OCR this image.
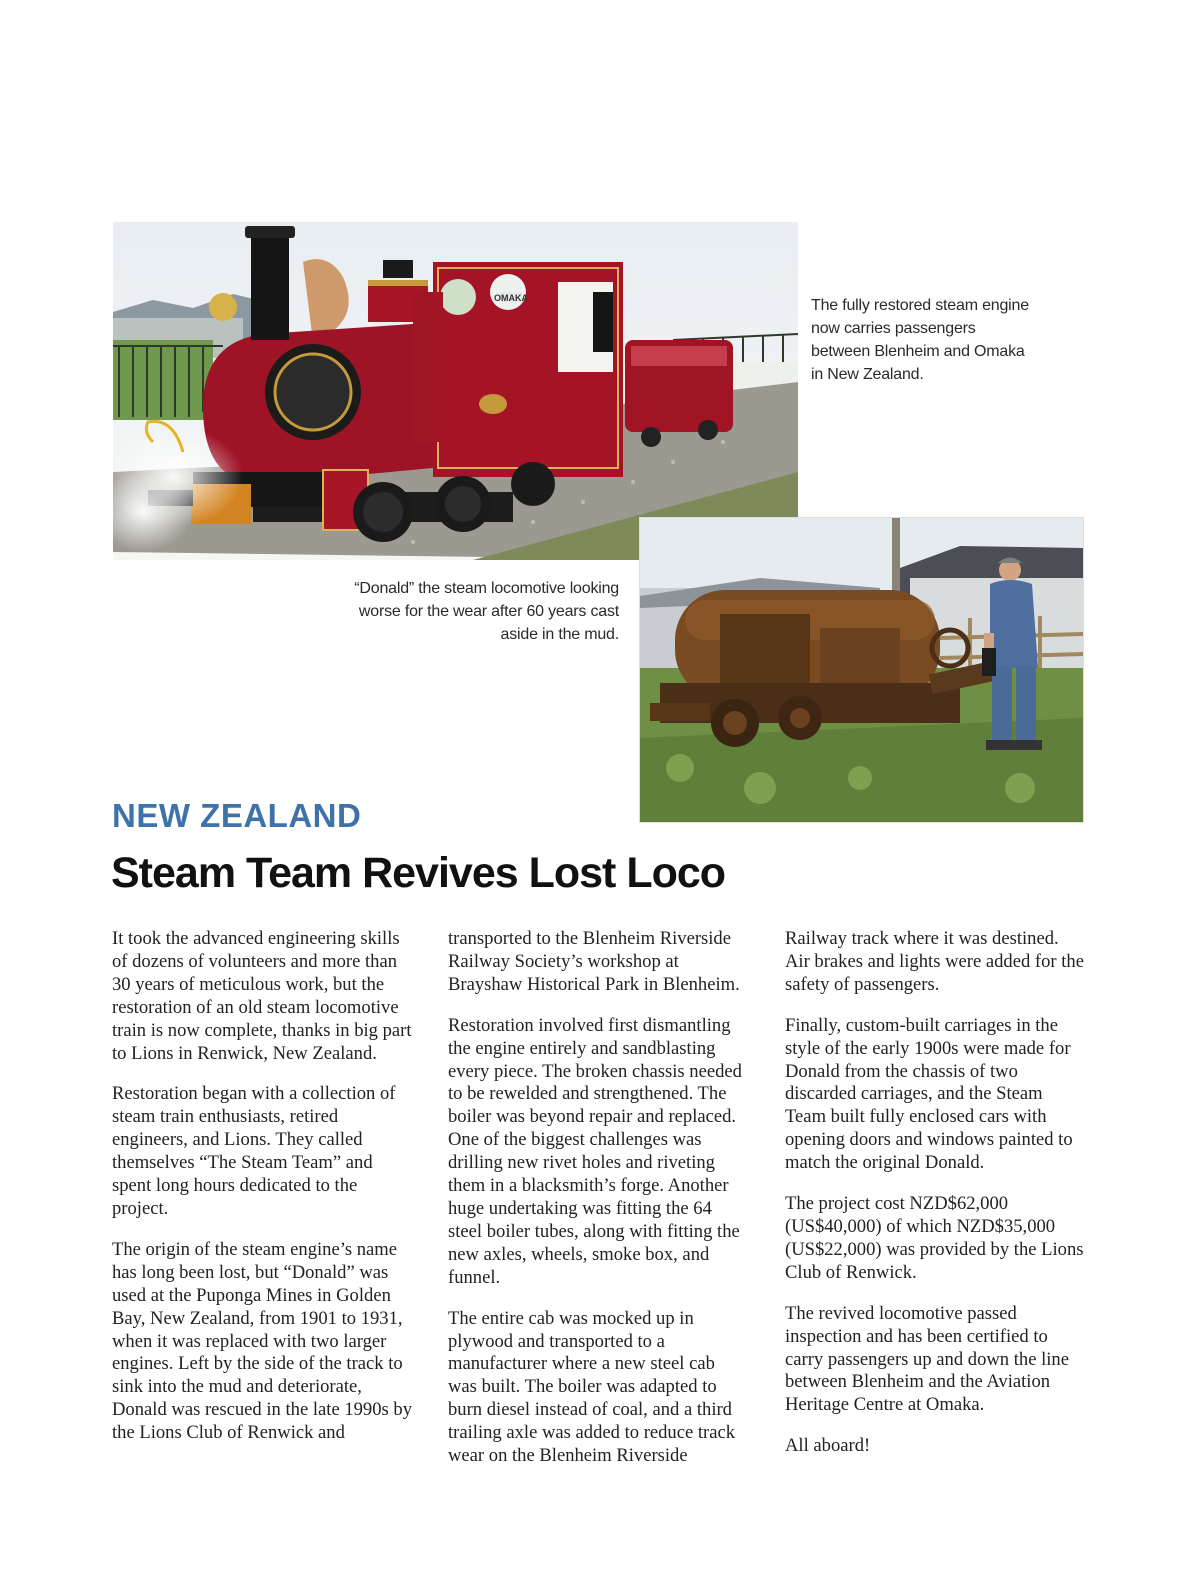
OMAKA	The fully restored steam engine now carries passengers between Blenheim and Omaka in New Zealand.
“Donald” the steam locomotive looking worse for the wear after 60 years cast aside in the mud.
NEW ZEALAND
Steam Team Revives Lost Loco

It took the advanced engineering skills of dozens of volunteers and more than 30 years of meticulous work, but the restoration of an old steam locomotive train is now complete, thanks in big part to Lions in Renwick, New Zealand.

Restoration began with a collection of steam train enthusiasts, retired engineers, and Lions. They called themselves “The Steam Team” and spent long hours dedicated to the project.

The origin of the steam engine’s name has long been lost, but “Donald” was used at the Puponga Mines in Golden Bay, New Zealand, from 1901 to 1931, when it was replaced with two larger engines. Left by the side of the track to sink into the mud and deteriorate, Donald was rescued in the late 1990s by the Lions Club of Renwick and

transported to the Blenheim Riverside Railway Society’s workshop at Brayshaw Historical Park in Blenheim.

Restoration involved first dismantling the engine entirely and sandblasting every piece. The broken chassis needed to be rewelded and strengthened. The boiler was beyond repair and replaced. One of the biggest challenges was drilling new rivet holes and riveting them in a blacksmith’s forge. Another huge undertaking was fitting the 64 steel boiler tubes, along with fitting the new axles, wheels, smoke box, and funnel.

The entire cab was mocked up in plywood and transported to a manufacturer where a new steel cab was built. The boiler was adapted to burn diesel instead of coal, and a third trailing axle was added to reduce track wear on the Blenheim Riverside

Railway track where it was destined. Air brakes and lights were added for the safety of passengers.

Finally, custom-built carriages in the style of the early 1900s were made for Donald from the chassis of two discarded carriages, and the Steam Team built fully enclosed cars with opening doors and windows painted to match the original Donald.

The project cost NZD$62,000 (US$40,000) of which NZD$35,000 (US$22,000) was provided by the Lions Club of Renwick.

The revived locomotive passed inspection and has been certified to carry passengers up and down the line between Blenheim and the Aviation Heritage Centre at Omaka.

All aboard!
